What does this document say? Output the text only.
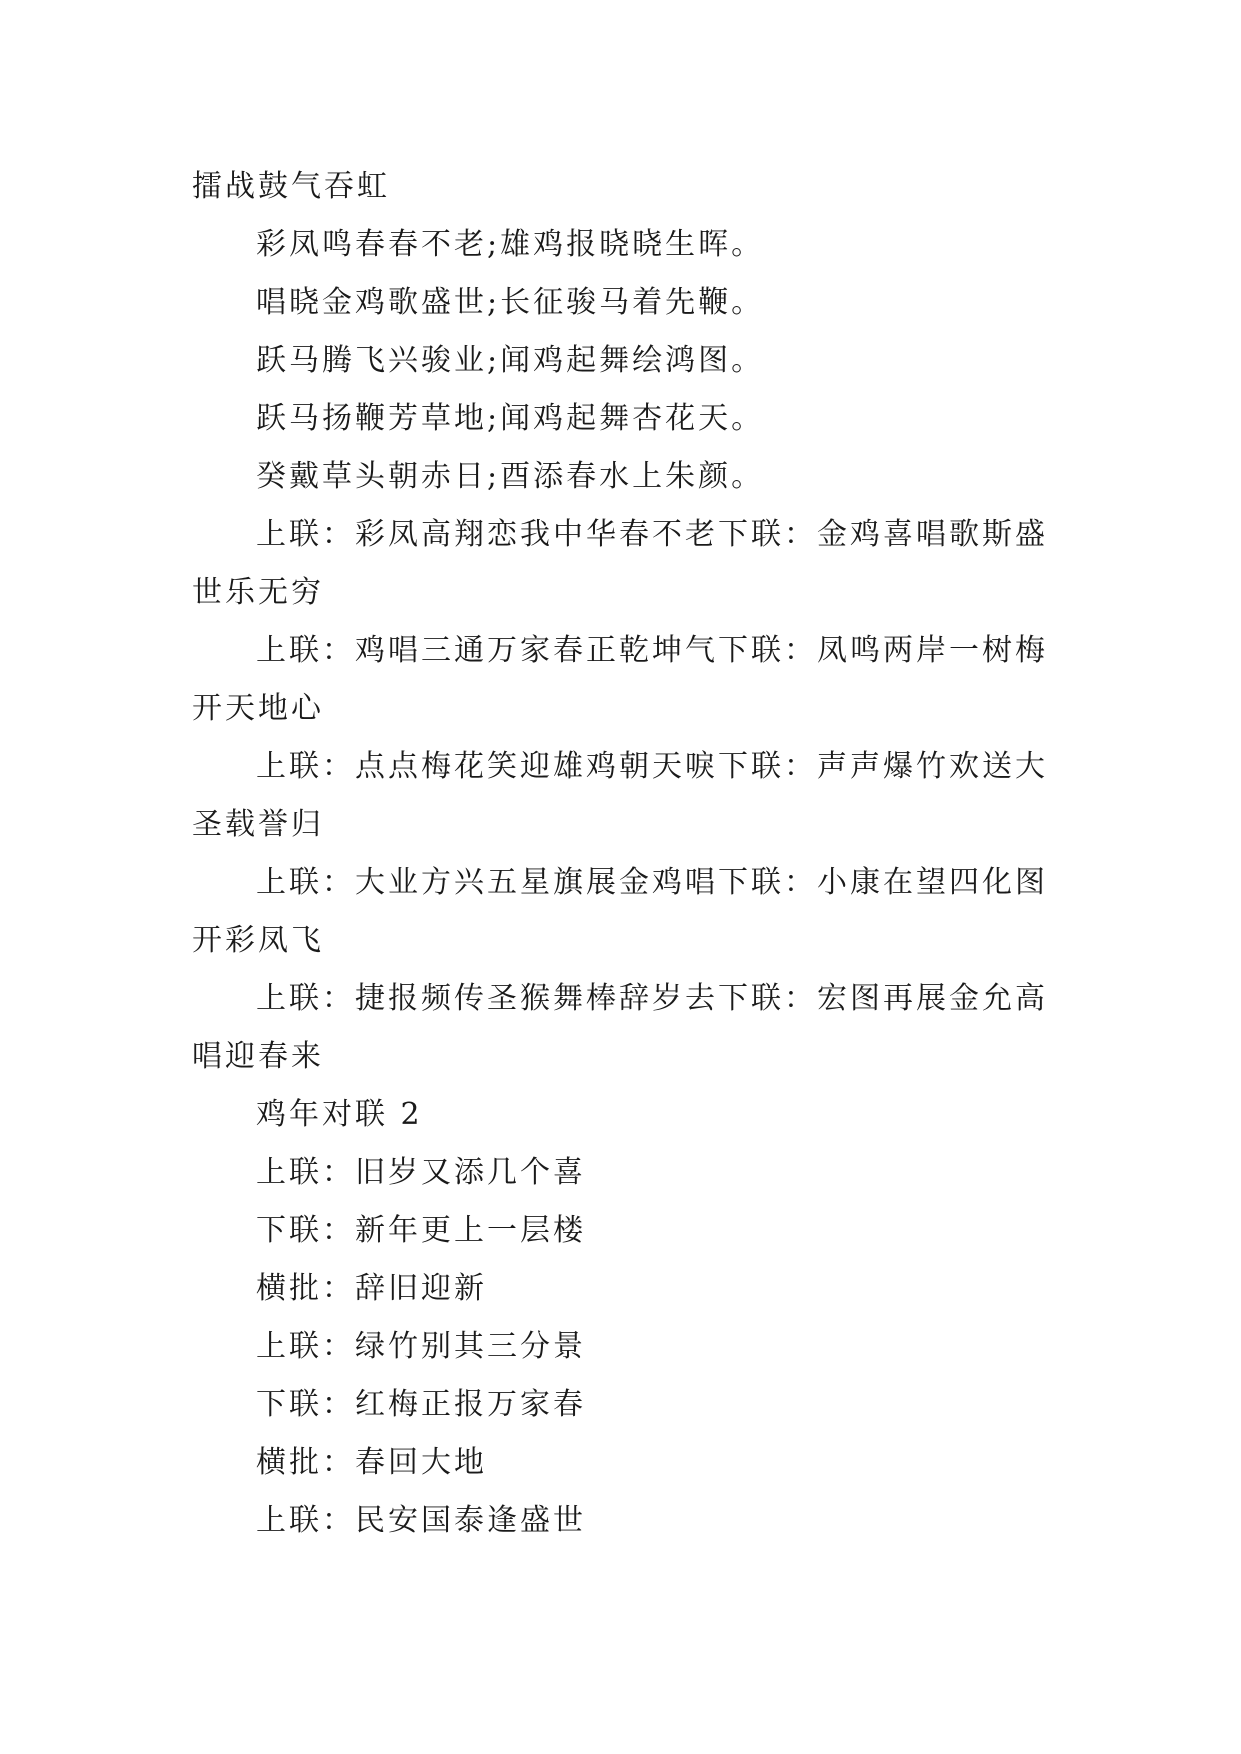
擂战鼓气吞虹

彩凤鸣春春不老;雄鸡报晓晓生晖。

唱晓金鸡歌盛世;长征骏马着先鞭。

跃马腾飞兴骏业;闻鸡起舞绘鸿图。

跃马扬鞭芳草地;闻鸡起舞杏花天。

癸戴草头朝赤日;酉添春水上朱颜。

上联：彩凤高翔恋我中华春不老下联：金鸡喜唱歌斯盛
世乐无穷
上联：鸡唱三通万家春正乾坤气下联：凤鸣两岸一树梅
开天地心
上联：点点梅花笑迎雄鸡朝天唳下联：声声爆竹欢送大
圣载誉归
上联：大业方兴五星旗展金鸡唱下联：小康在望四化图
开彩凤飞
上联：捷报频传圣猴舞棒辞岁去下联：宏图再展金允高
唱迎春来

鸡年对联 2

上联：旧岁又添几个喜

下联：新年更上一层楼

横批：辞旧迎新

上联：绿竹别其三分景

下联：红梅正报万家春

横批：春回大地

上联：民安国泰逢盛世
